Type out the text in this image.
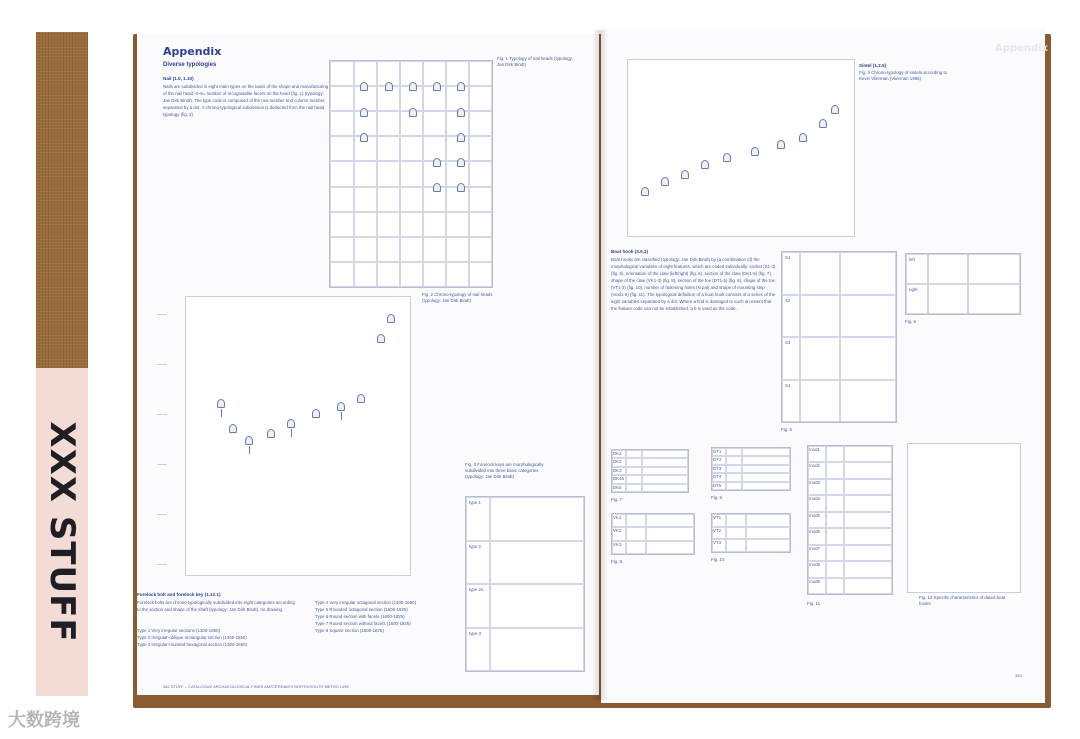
XXX STUFF
Appendix
Diverse typologies
Nail (1.9, 1.10)
Nails are subdivided in eight main types on the basis of the shape and manufacturing of the nail head. 0–5= number of recognisable facets on the head (fig. 1) (typology: Jan Dirk Bindt). The type code is composed of the row number and column number, separated by a dot. A chrono-typological subdivision is deducted from the nail head typology (fig. 2).
Fig. 1 Typology of nail heads (typology: Jan Dirk Bindt)
Fig. 2 Chrono-typology of nail heads (typology: Jan Dirk Bindt)
Fig. 3 Forelock keys are morphologically subdivided into three basic categories (typology: Jan Dirk Bindt)
type 1
type 2
type 2a
type 3
Forelock bolt and forelock key (1.12.1)
Forelock bolts are chrono-typologically subdivided into eight categories according to the section and shape of the shaft (typology: Jan Dirk Bindt), no drawing.
Type 1 Very irregular sections (1300-1650)
Type 2 Irregular-oblique rectangular section (1300-1650)
Type 3 Irregular-rounded hexagonal section (1300-1650)
Type 4 Very irregular octagonal section (1300-1650)
Type 5 Rounded octagonal section (1500-1825)
Type 6 Round section with facets (1600-1825)
Type 7 Round section without facets (1600-1825)
Type 8 Square section (1500-1875)
382 STUFF – CATALOGUE ARCHAEOLOGICAL FINDS AMSTERDAM'S NORTH/SOUTH METRO LINE
Appendix
Sintel (1.3.5)
Fig. 4 Chrono-typology of sintels according to Kevin Vlierman (Vlierman 1996)
Boat hook (3.5.3)
Boat hooks are classified (typology: Jan Dirk Bindt) by (a combination of) the morphological variables of eight features, which are coded individually: socket (S1-4) (fig. 5), orientation of the claw (left/right) (fig. 6), section of the claw (DK1-5) (fig. 7), shape of the claw (VK1-3) (fig. 8), section of the toe (DT1-5) (fig. 9), shape of the toe (VT1-3) (fig. 10), number of fastening holes (N pal) and shape of mounting strip (mod1-9) (fig. 11). The typological definition of a boat hook consists of a series of the eight variables separated by a dot. Where a find is damaged to such an extent that the feature code can not be established, a 0 is used as the code.
S1
S2
S3
S4
Fig. 5
left
right
Fig. 6
DK1
DK2
DK3
DK4a
DK5
Fig. 7
DT1
DT2
DT3
DT4
DT5
Fig. 9
VK1
VK2
VK3
Fig. 8
VT1
VT2
VT3
Fig. 10
mod1
mod2
mod3
mod4
mod5
mod6
mod7
mod8
mod9
Fig. 11
Fig. 12 Specific characteristics of dated boat hooks
383
大数跨境
